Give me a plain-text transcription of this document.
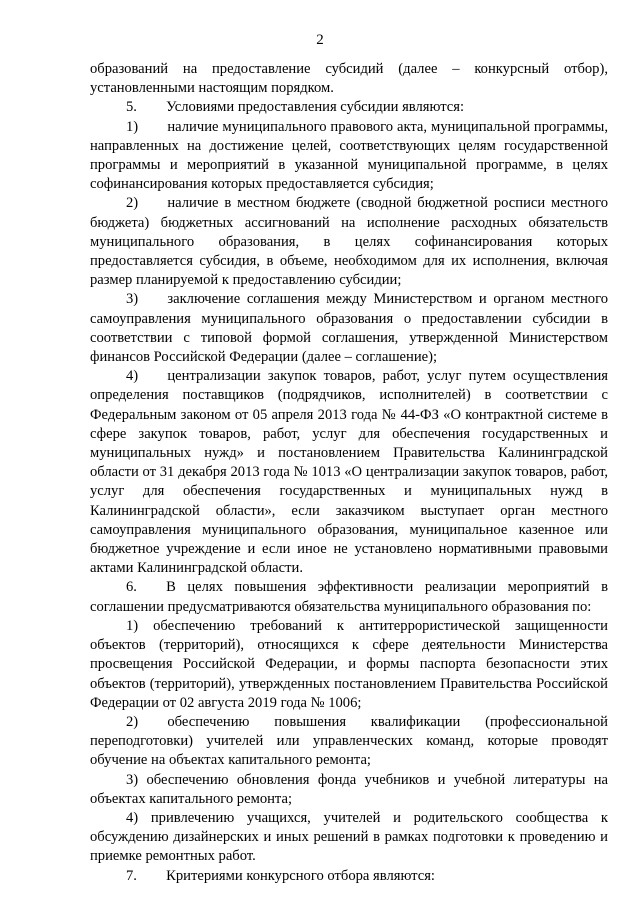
2

образований на предоставление субсидий (далее – конкурсный отбор), установленными настоящим порядком.

5.  Условиями предоставления субсидии являются:

1)  наличие муниципального правового акта, муниципальной программы, направленных на достижение целей, соответствующих целям государственной программы и мероприятий в указанной муниципальной программе, в целях софинансирования которых предоставляется субсидия;

2)  наличие в местном бюджете (сводной бюджетной росписи местного бюджета) бюджетных ассигнований на исполнение расходных обязательств муниципального образования, в целях софинансирования которых предоставляется субсидия, в объеме, необходимом для их исполнения, включая размер планируемой к предоставлению субсидии;

3)  заключение соглашения между Министерством и органом местного самоуправления муниципального образования о предоставлении субсидии в соответствии с типовой формой соглашения, утвержденной Министерством финансов Российской Федерации (далее – соглашение);

4)  централизации закупок товаров, работ, услуг путем осуществления определения поставщиков (подрядчиков, исполнителей) в соответствии с Федеральным законом от 05 апреля 2013 года № 44-ФЗ «О контрактной системе в сфере закупок товаров, работ, услуг для обеспечения государственных и муниципальных нужд» и постановлением Правительства Калининградской области от 31 декабря 2013 года № 1013 «О централизации закупок товаров, работ, услуг для обеспечения государственных и муниципальных нужд в Калининградской области», если заказчиком выступает орган местного самоуправления муниципального образования, муниципальное казенное или бюджетное учреждение и если иное не установлено нормативными правовыми актами Калининградской области.

6.  В целях повышения эффективности реализации мероприятий в соглашении предусматриваются обязательства муниципального образования по:

1) обеспечению требований к антитеррористической защищенности объектов (территорий), относящихся к сфере деятельности Министерства просвещения Российской Федерации, и формы паспорта безопасности этих объектов (территорий), утвержденных постановлением Правительства Российской Федерации от 02 августа 2019 года № 1006;

2)  обеспечению повышения квалификации (профессиональной переподготовки) учителей или управленческих команд, которые проводят обучение на объектах капитального ремонта;

3) обеспечению обновления фонда учебников и учебной литературы на объектах капитального ремонта;

4) привлечению учащихся, учителей и родительского сообщества к обсуждению дизайнерских и иных решений в рамках подготовки к проведению и приемке ремонтных работ.

7.  Критериями конкурсного отбора являются:
